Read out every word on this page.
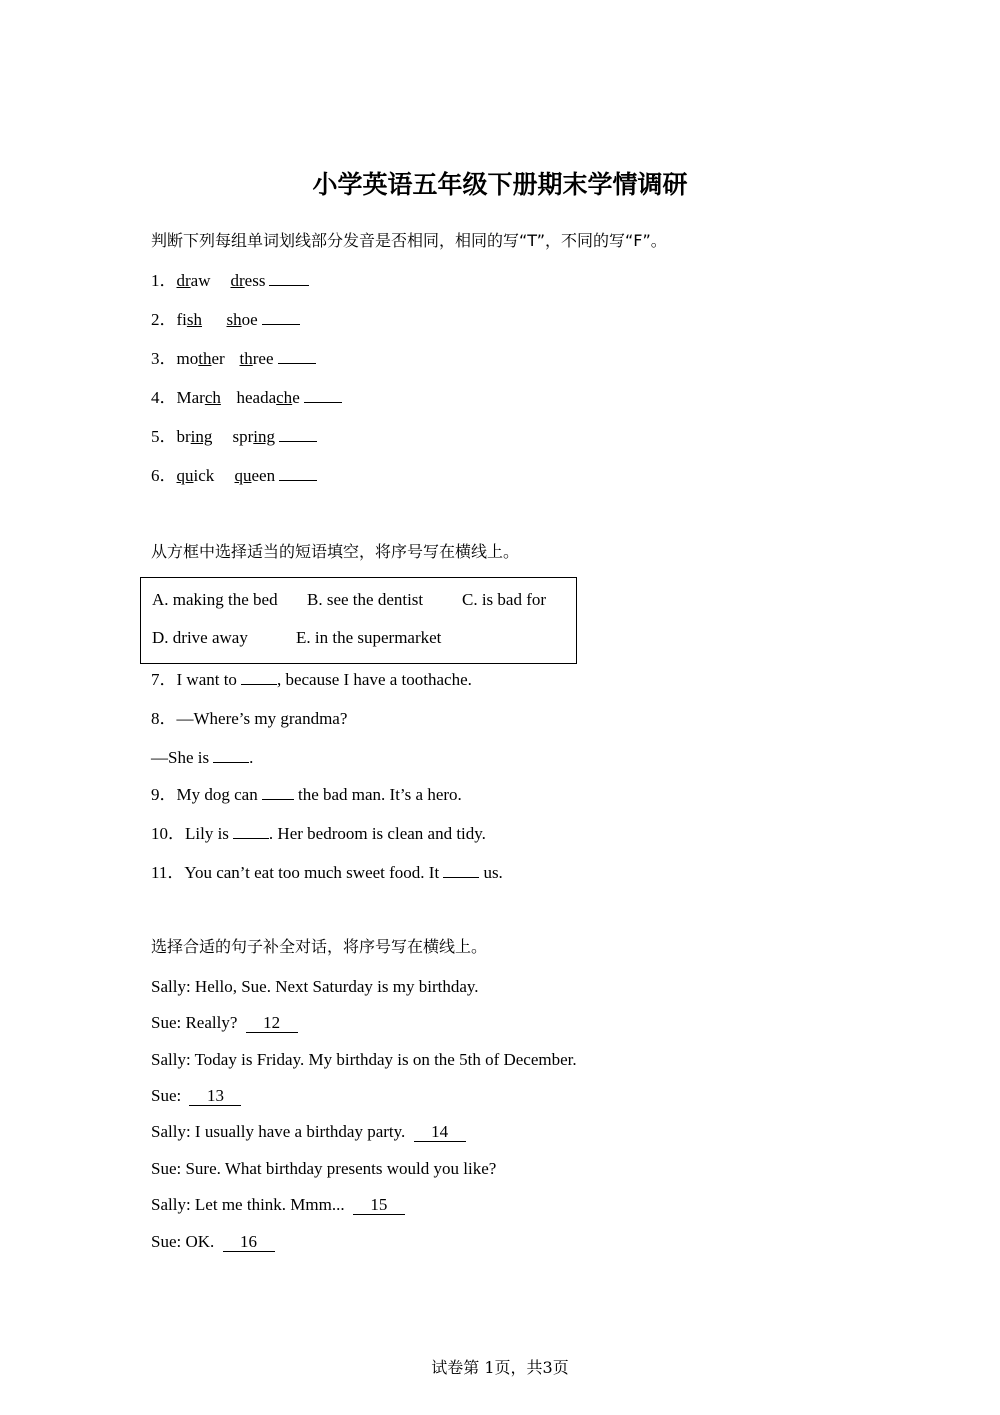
小学英语五年级下册期末学情调研
判断下列每组单词划线部分发音是否相同，相同的写“T”，不同的写“F”。
1．draw dress
2．fish shoe
3．mother three
4．March headache
5．bring spring
6．quick queen
从方框中选择适当的短语填空，将序号写在横线上。
A. making the bed B. see the dentist C. is bad for
D. drive away	E. in the supermarket
7．I want to , because I have a toothache.
8．—Where’s my grandma?
—She is .
9．My dog can the bad man. It’s a hero.
10．Lily is . Her bedroom is clean and tidy.
11．You can’t eat too much sweet food. It	us.
选择合适的句子补全对话，将序号写在横线上。
Sally: Hello, Sue. Next Saturday is my birthday.
Sue: Really? 12
Sally: Today is Friday. My birthday is on the 5th of December.
Sue: 13
Sally: I usually have a birthday party. 14
Sue: Sure. What birthday presents would you like?
Sally: Let me think. Mmm... 15
Sue: OK. 16
试卷第 1页，共3页
